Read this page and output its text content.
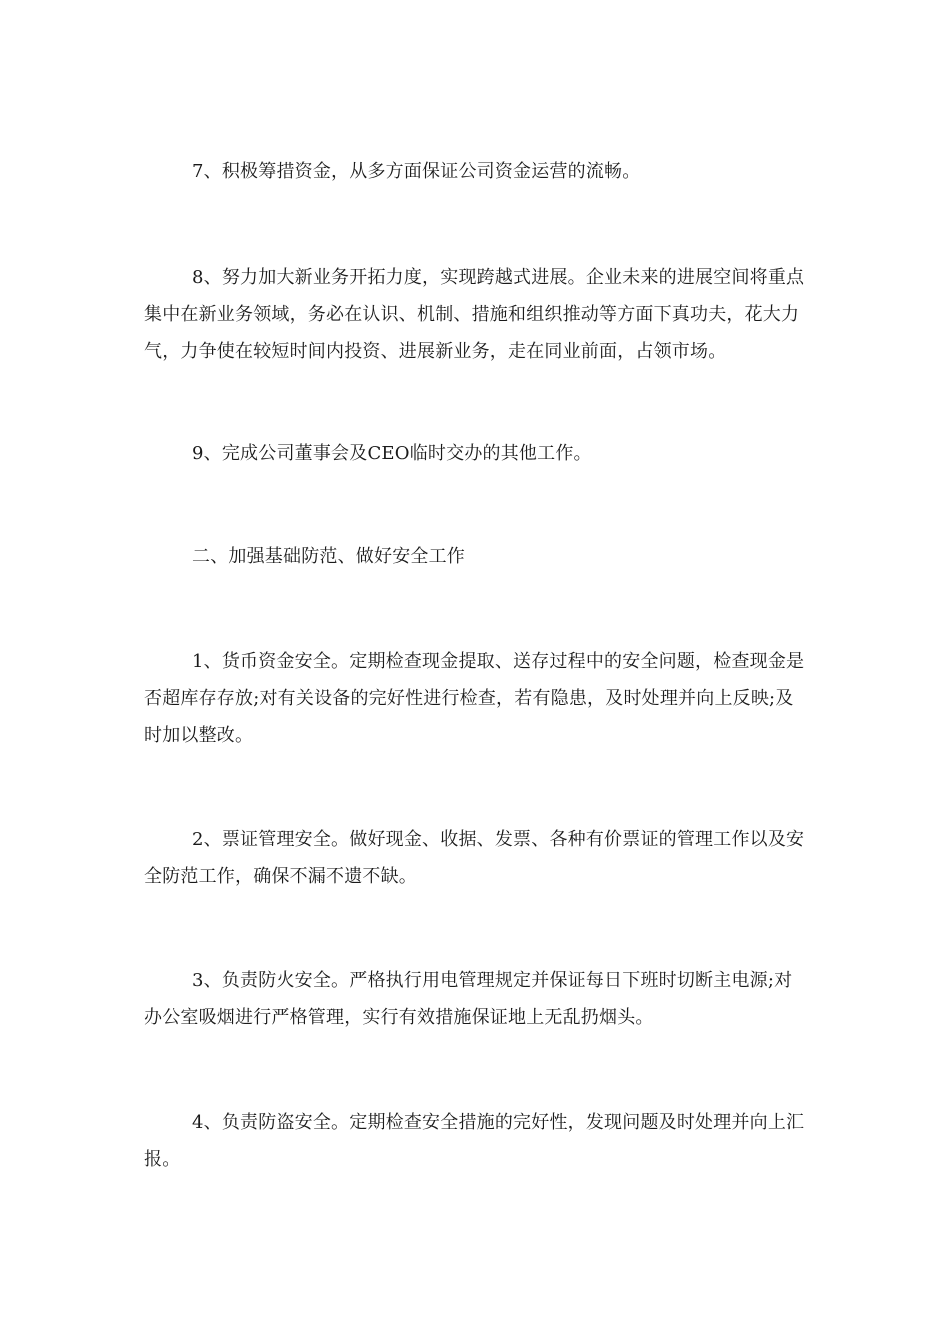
7、积极筹措资金，从多方面保证公司资金运营的流畅。

8、努力加大新业务开拓力度，实现跨越式进展。企业未来的进展空间将重点集中在新业务领域，务必在认识、机制、措施和组织推动等方面下真功夫，花大力气，力争使在较短时间内投资、进展新业务，走在同业前面，占领市场。

9、完成公司董事会及CEO临时交办的其他工作。

二、加强基础防范、做好安全工作

1、货币资金安全。定期检查现金提取、送存过程中的安全问题，检查现金是否超库存存放;对有关设备的完好性进行检查，若有隐患，及时处理并向上反映;及时加以整改。

2、票证管理安全。做好现金、收据、发票、各种有价票证的管理工作以及安全防范工作，确保不漏不遗不缺。

3、负责防火安全。严格执行用电管理规定并保证每日下班时切断主电源;对办公室吸烟进行严格管理，实行有效措施保证地上无乱扔烟头。

4、负责防盗安全。定期检查安全措施的完好性，发现问题及时处理并向上汇报。
